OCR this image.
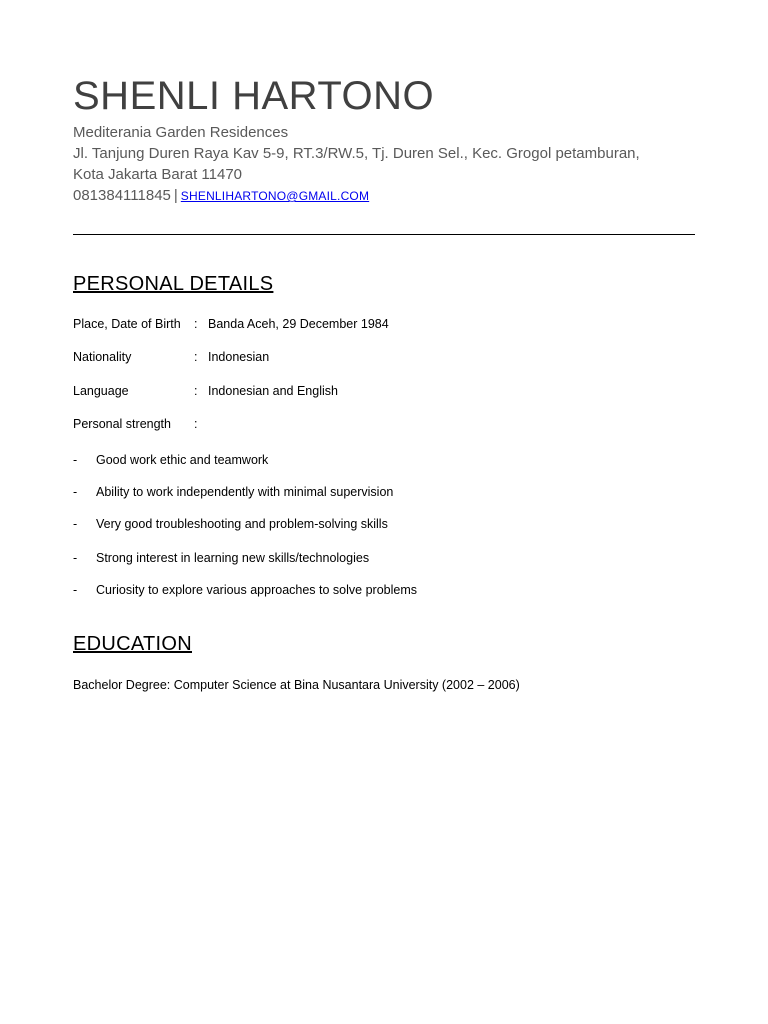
SHENLI HARTONO
Mediterania Garden Residences
Jl. Tanjung Duren Raya Kav 5-9, RT.3/RW.5, Tj. Duren Sel., Kec. Grogol petamburan,
Kota Jakarta Barat 11470
081384111845 | SHENLIHARTONO@GMAIL.COM
PERSONAL DETAILS
Place, Date of Birth : Banda Aceh, 29 December 1984
Nationality	: Indonesian
Language	: Indonesian and English
Personal strength :
- Good work ethic and teamwork
- Ability to work independently with minimal supervision
- Very good troubleshooting and problem-solving skills
- Strong interest in learning new skills/technologies
- Curiosity to explore various approaches to solve problems
EDUCATION
Bachelor Degree: Computer Science at Bina Nusantara University (2002 – 2006)
